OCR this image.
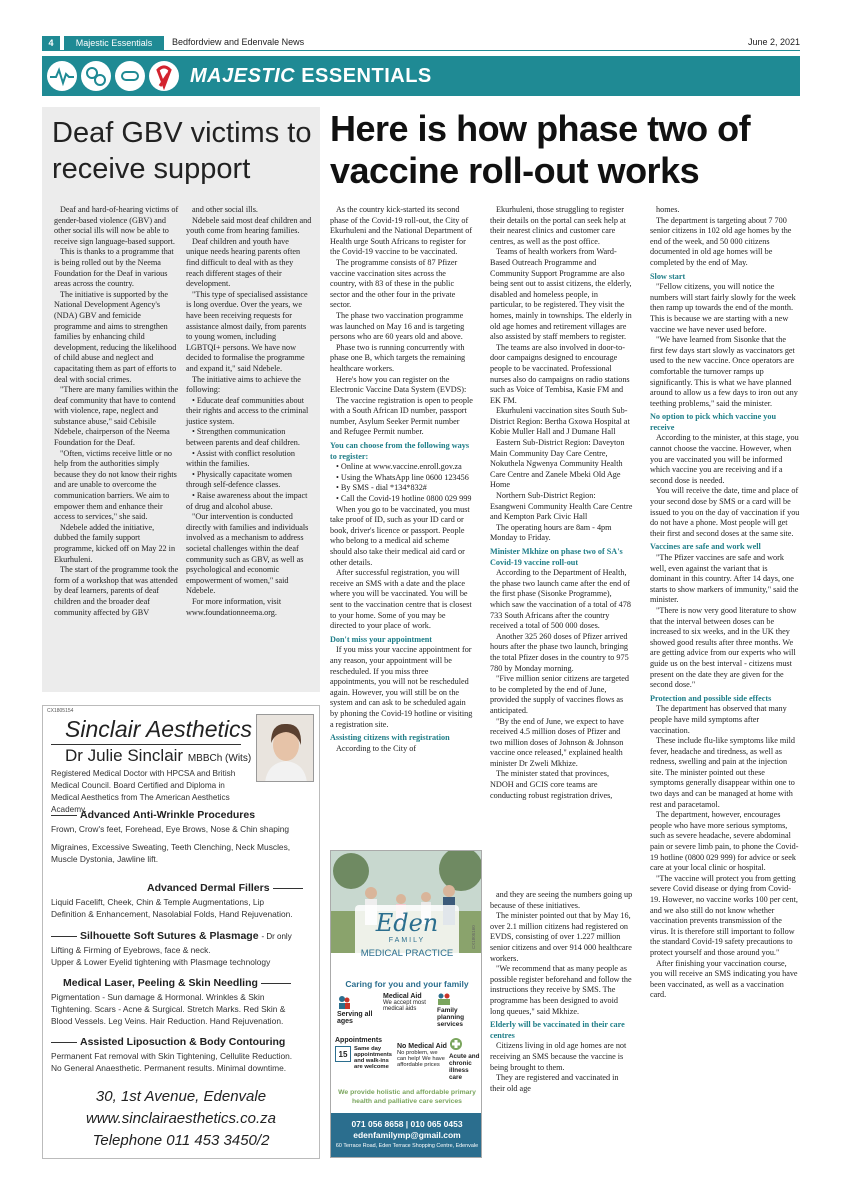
4	Majestic Essentials	Bedfordview and Edenvale News	June 2, 2021
MAJESTIC ESSENTIALS
Deaf GBV victims to receive support

Deaf and hard-of-hearing victims of gender-based violence (GBV) and other social ills will now be able to receive sign language-based support.

This is thanks to a programme that is being rolled out by the Neema Foundation for the Deaf in various areas across the country.

The initiative is supported by the National Development Agency's (NDA) GBV and femicide programme and aims to strengthen families by enhancing child development, reducing the likelihood of child abuse and neglect and capacitating them as part of efforts to deal with social crimes.

"There are many families within the deaf community that have to contend with violence, rape, neglect and substance abuse," said Cebisile Ndebele, chairperson of the Neema Foundation for the Deaf.

"Often, victims receive little or no help from the authorities simply because they do not know their rights and are unable to overcome the communication barriers. We aim to empower them and enhance their access to services," she said.

Ndebele added the initiative, dubbed the family support programme, kicked off on May 22 in Ekurhuleni.

The start of the programme took the form of a workshop that was attended by deaf learners, parents of deaf children and the broader deaf community affected by GBV

and other social ills.

Ndebele said most deaf children and youth come from hearing families.

Deaf children and youth have unique needs hearing parents often find difficult to deal with as they reach different stages of their development.

"This type of specialised assistance is long overdue. Over the years, we have been receiving requests for assistance almost daily, from parents to young women, including LGBTQI+ persons. We have now decided to formalise the programme and expand it," said Ndebele.

The initiative aims to achieve the following:

• Educate deaf communities about their rights and access to the criminal justice system.

• Strengthen communication between parents and deaf children.

• Assist with conflict resolution within the families.

• Physically capacitate women through self-defence classes.

• Raise awareness about the impact of drug and alcohol abuse.

"Our intervention is conducted directly with families and individuals involved as a mechanism to address societal challenges within the deaf community such as GBV, as well as psychological and economic empowerment of women," said Ndebele.

For more information, visit www.foundationneema.org.

Here is how phase two of
vaccine roll-out works

As the country kick-started its second phase of the Covid-19 roll-out, the City of Ekurhuleni and the National Department of Health urge South Africans to register for the Covid-19 vaccine to be vaccinated.

The programme consists of 87 Pfizer vaccine vaccination sites across the country, with 83 of these in the public sector and the other four in the private sector.

The phase two vaccination programme was launched on May 16 and is targeting persons who are 60 years old and above.

Phase two is running concurrently with phase one B, which targets the remaining healthcare workers.

Here's how you can register on the Electronic Vaccine Data System (EVDS):

The vaccine registration is open to people with a South African ID number, passport number, Asylum Seeker Permit number and Refugee Permit number.

You can choose from the following ways to register:

• Online at www.vaccine.enroll.gov.za

• Using the WhatsApp line 0600 123456

• By SMS - dial *134*832#

• Call the Covid-19 hotline 0800 029 999

When you go to be vaccinated, you must take proof of ID, such as your ID card or book, driver's licence or passport. People who belong to a medical aid scheme should also take their medical aid card or other details.

After successful registration, you will receive an SMS with a date and the place where you will be vaccinated. You will be sent to the vaccination centre that is closest to your home. Some of you may be directed to your place of work.

Don't miss your appointment

If you miss your vaccine appointment for any reason, your appointment will be rescheduled. If you miss three appointments, you will not be rescheduled again. However, you will still be on the system and can ask to be scheduled again by phoning the Covid-19 hotline or visiting a registration site.

Assisting citizens with registration

According to the City of

Ekurhuleni, those struggling to register their details on the portal can seek help at their nearest clinics and customer care centres, as well as the post office.

Teams of health workers from Ward-Based Outreach Programme and Community Support Programme are also being sent out to assist citizens, the elderly, disabled and homeless people, in particular, to be registered. They visit the homes, mainly in townships. The elderly in old age homes and retirement villages are also assisted by staff members to register.

The teams are also involved in door-to-door campaigns designed to encourage people to be vaccinated. Professional nurses also do campaigns on radio stations such as Voice of Tembisa, Kasie FM and EK FM.

Ekurhuleni vaccination sites South Sub-District Region: Bertha Gxowa Hospital at Kobie Muller Hall and J Dumane Hall

Eastern Sub-District Region: Daveyton Main Community Day Care Centre, Nokuthela Ngwenya Community Health Care Centre and Zanele Mbeki Old Age Home

Northern Sub-District Region: Esangweni Community Health Care Centre and Kempton Park Civic Hall

The operating hours are 8am - 4pm Monday to Friday.

Minister Mkhize on phase two of SA's Covid-19 vaccine roll-out

According to the Department of Health, the phase two launch came after the end of the first phase (Sisonke Programme), which saw the vaccination of a total of 478 733 South Africans after the country received a total of 500 000 doses.

Another 325 260 doses of Pfizer arrived hours after the phase two launch, bringing the total Pfizer doses in the country to 975 780 by Monday morning.

"Five million senior citizens are targeted to be completed by the end of June, provided the supply of vaccines flows as anticipated.

"By the end of June, we expect to have received 4.5 million doses of Pfizer and two million doses of Johnson & Johnson vaccine once released," explained health minister Dr Zweli Mkhize.

The minister stated that provinces, NDOH and GCIS core teams are conducting robust registration drives,

and they are seeing the numbers going up because of these initiatives.

The minister pointed out that by May 16, over 2.1 million citizens had registered on EVDS, consisting of over 1.227 million senior citizens and over 914 000 healthcare workers.

"We recommend that as many people as possible register beforehand and follow the instructions they receive by SMS. The programme has been designed to avoid long queues," said Mkhize.

Elderly will be vaccinated in their care centres

Citizens living in old age homes are not receiving an SMS because the vaccine is being brought to them.

They are registered and vaccinated in their old age

homes.

The department is targeting about 7 700 senior citizens in 102 old age homes by the end of the week, and 50 000 citizens documented in old age homes will be completed by the end of May.

Slow start

"Fellow citizens, you will notice the numbers will start fairly slowly for the week then ramp up towards the end of the month. This is because we are starting with a new vaccine we have never used before.

"We have learned from Sisonke that the first few days start slowly as vaccinators get used to the new vaccine. Once operators are comfortable the turnover ramps up significantly. This is what we have planned around to allow us a few days to iron out any teething problems," said the minister.

No option to pick which vaccine you receive

According to the minister, at this stage, you cannot choose the vaccine. However, when you are vaccinated you will be informed which vaccine you are receiving and if a second dose is needed.

You will receive the date, time and place of your second dose by SMS or a card will be issued to you on the day of vaccination if you do not have a phone. Most people will get their first and second doses at the same site.

Vaccines are safe and work well

"The Pfizer vaccines are safe and work well, even against the variant that is dominant in this country. After 14 days, one starts to show markers of immunity," said the minister.

"There is now very good literature to show that the interval between doses can be increased to six weeks, and in the UK they showed good results after three months. We are getting advice from our experts who will guide us on the best interval - citizens must present on the date they are given for the second dose."

Protection and possible side effects

The department has observed that many people have mild symptoms after vaccination.

These include flu-like symptoms like mild fever, headache and tiredness, as well as redness, swelling and pain at the injection site. The minister pointed out these symptoms generally disappear within one to two days and can be managed at home with rest and paracetamol.

The department, however, encourages people who have more serious symptoms, such as severe headache, severe abdominal pain or severe limb pain, to phone the Covid-19 hotline (0800 029 999) for advice or seek care at your local clinic or hospital.

"The vaccine will protect you from getting severe Covid disease or dying from Covid-19. However, no vaccine works 100 per cent, and we also still do not know whether vaccination prevents transmission of the virus. It is therefore still important to follow the standard Covid-19 safety precautions to protect yourself and those around you."

After finishing your vaccination course, you will receive an SMS indicating you have been vaccinated, as well as a vaccination card.

CX1805154
Sinclair Aesthetics
Dr Julie Sinclair MBBCh (Wits)
Registered Medical Doctor with HPCSA and British
Medical Council. Board Certified and Diploma in
Medical Aesthetics from The American Aesthetics Academy.
Advanced Anti-Wrinkle Procedures
Frown, Crow's feet, Forehead, Eye Brows, Nose & Chin shaping
Migraines, Excessive Sweating, Teeth Clenching, Neck Muscles,
Muscle Dystonia, Jawline lift.
Advanced Dermal Fillers
Liquid Facelift, Cheek, Chin & Temple Augmentations, Lip
Definition & Enhancement, Nasolabial Folds, Hand Rejuvenation.
Silhouette Soft Sutures & Plasmage - Dr only
Lifting & Firming of Eyebrows, face & neck.
Upper & Lower Eyelid tightening with Plasmage technology
Medical Laser, Peeling & Skin Needling
Pigmentation - Sun damage & Hormonal. Wrinkles & Skin
Tightening. Scars - Acne & Surgical. Stretch Marks. Red Skin &
Blood Vessels. Leg Veins. Hair Reduction. Hand Rejuvenation.
Assisted Liposuction & Body Contouring
Permanent Fat removal with Skin Tightening, Cellulite Reduction.
No General Anaesthetic. Permanent results. Minimal downtime.
30, 1st Avenue, Edenvale
www.sinclairaesthetics.co.za
Telephone 011 453 3450/2
Eden
FAMILY
MEDICAL PRACTICE
Caring for you and your family
CX1805160
Serving all ages
Medical Aid
We accept most medical aids	Family planning services
Appointments
15
Same day appointments and walk-ins are welcome
No Medical Aid
No problem, we can help! We have affordable prices
Acute and chronic illness care
We provide holistic and affordable primary health and palliative care services
071 056 8658 | 010 065 0453
edenfamilymp@gmail.com
60 Terrace Road, Eden Terrace Shopping Centre, Edenvale
